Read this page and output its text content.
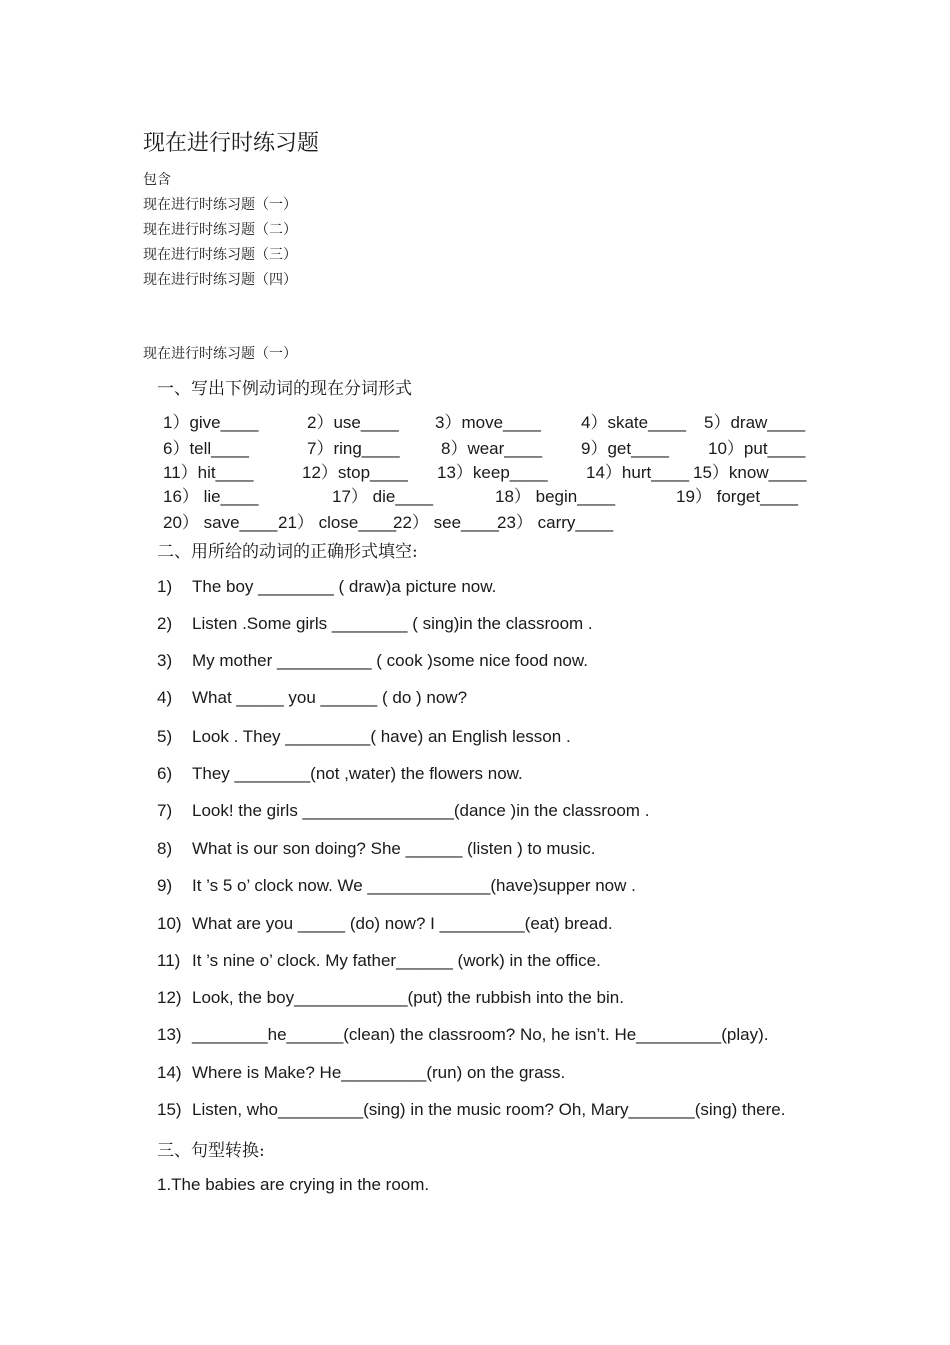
现在进行时练习题
包含
现在进行时练习题（一）
现在进行时练习题（二）
现在进行时练习题（三）
现在进行时练习题（四）
现在进行时练习题（一）
一、写出下例动词的现在分词形式
1）give____	2）use____ 3）move____ 4）skate____ 5）draw____
6）tell____	7）ring____ 8）wear____ 9）get____ 10）put____
11）hit____	12）stop____ 13）keep____ 14）hurt____ 15）know____
16） lie____	17） die____	18） begin____	19） forget____
20） save____ 21） close____
22） see____
23） carry____
二、用所给的动词的正确形式填空:
1) The boy ________ ( draw)a picture now.
2) Listen .Some girls ________ ( sing)in the classroom .
3) My mother __________ ( cook )some nice food now.
4) What _____ you ______ ( do ) now?
5) Look . They _________( have) an English lesson .
6) They ________(not ,water) the flowers now.
7) Look! the girls ________________(dance )in the classroom .
8) What is our son doing? She ______ (listen ) to music.
9) It ’s 5 o’ clock now. We _____________(have)supper now .
10) What are you _____ (do) now? I _________(eat) bread.
11) It ’s nine o’ clock. My father______ (work) in the office.
12) Look, the boy____________(put) the rubbish into the bin.
13) ________he______(clean) the classroom? No, he isn’t. He_________(play).
14) Where is Make? He_________(run) on the grass.
15) Listen, who_________(sing) in the music room? Oh, Mary_______(sing) there.
三、句型转换:
1.The babies are crying in the room.
